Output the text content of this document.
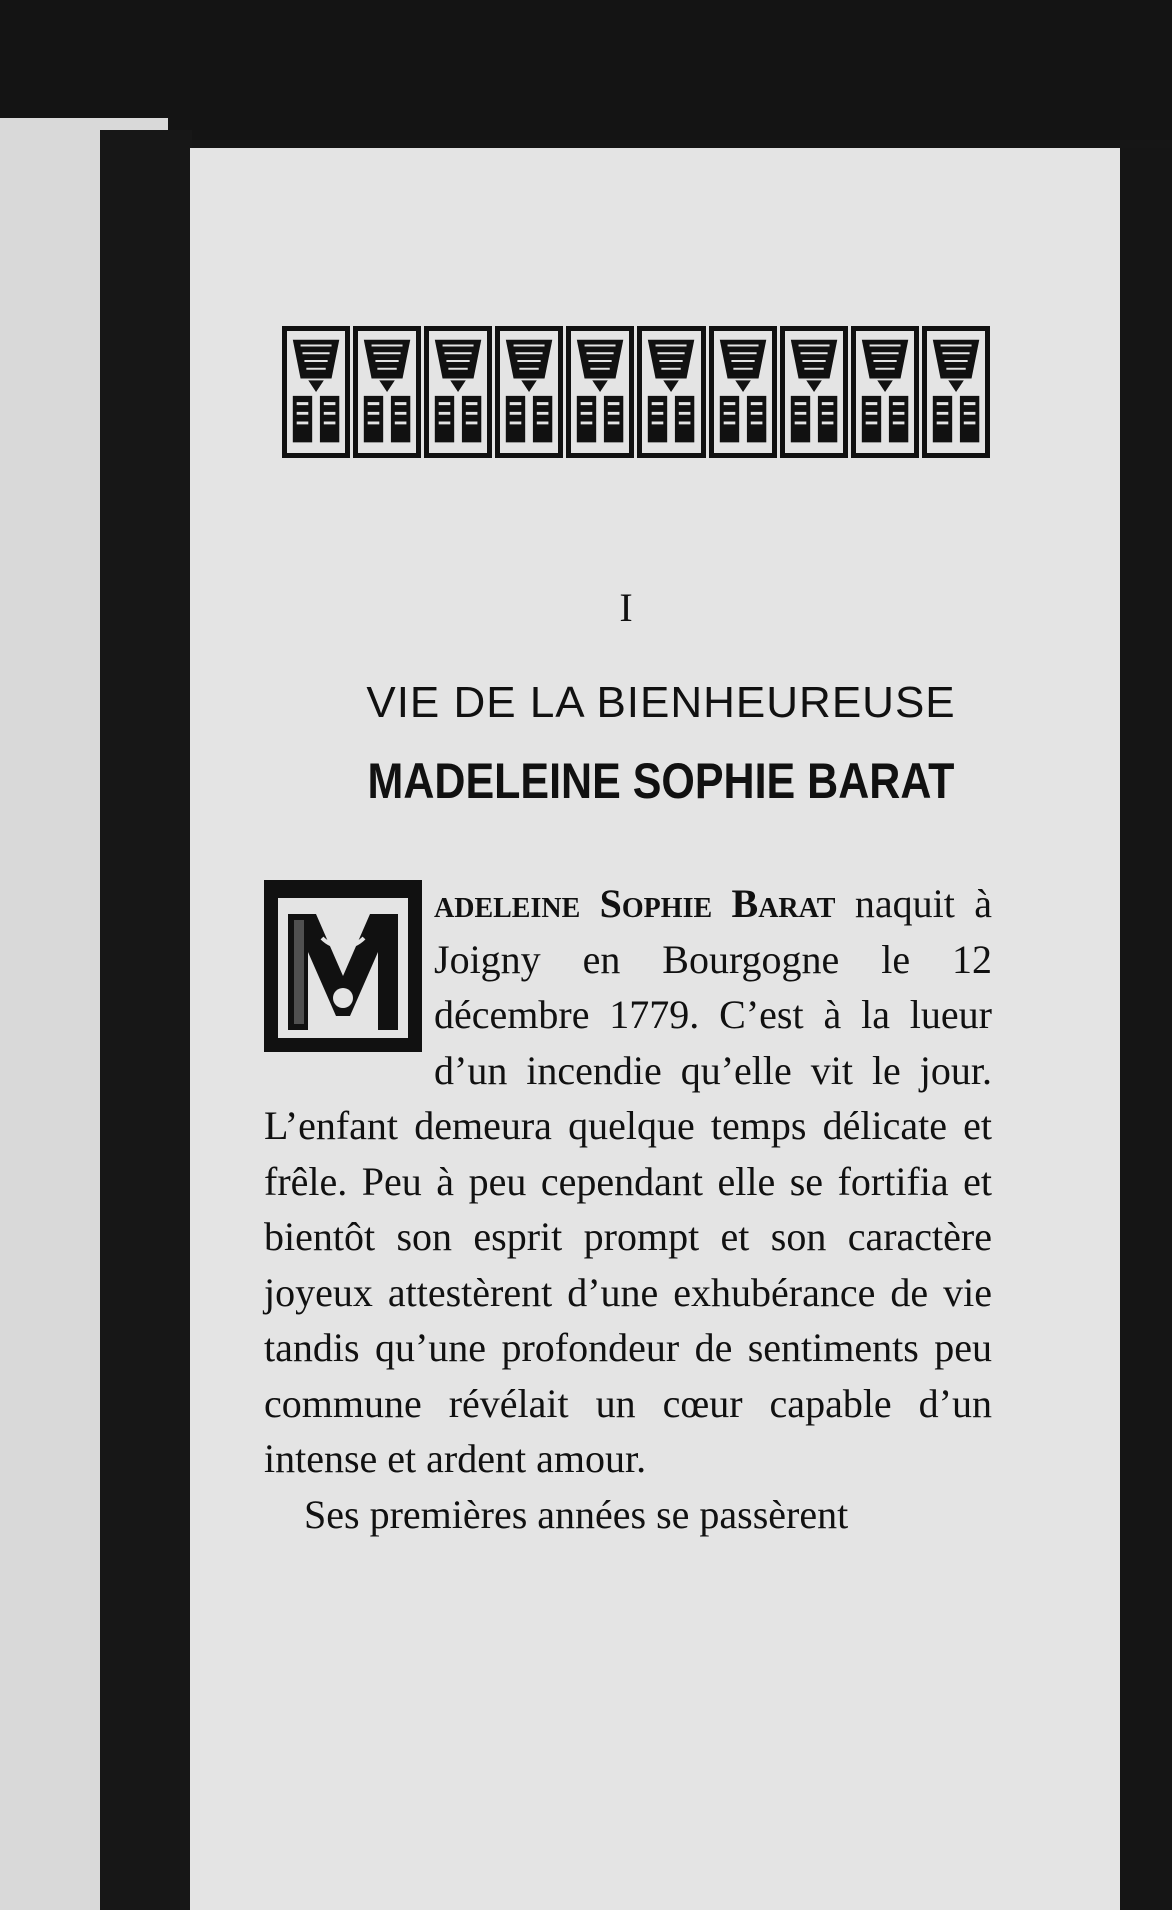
I
VIE DE LA BIENHEUREUSE
MADELEINE SOPHIE BARAT

adeleine Sophie Barat naquit à Joigny en Bourgogne le 12 décembre 1779. C’est à la lueur d’un incendie qu’elle vit le jour. L’enfant demeura quelque temps délicate et frêle. Peu à peu cependant elle se fortifia et bientôt son esprit prompt et son caractère joyeux attestèrent d’une exhubérance de vie tandis qu’une profondeur de sentiments peu commune révélait un cœur capable d’un intense et ardent amour.

Ses premières années se passèrent
